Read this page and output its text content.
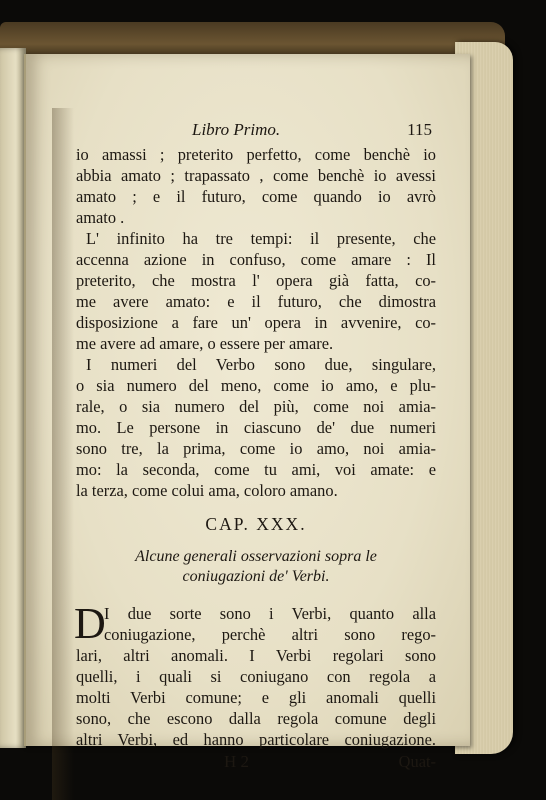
Libro Primo.	115
io amassi ; preterito perfetto, come benchè io
abbia amato ; trapassato , come benchè io avessi
amato ; e il futuro, come quando io avrò
amato .
L' infinito ha tre tempi: il presente, che
accenna azione in confuso, come amare : Il
preterito, che mostra l' opera già fatta, co-
me avere amato: e il futuro, che dimostra
disposizione a fare un' opera in avvenire, co-
me avere ad amare, o essere per amare.
I numeri del Verbo sono due, singulare,
o sia numero del meno, come io amo, e plu-
rale, o sia numero del più, come noi amia-
mo. Le persone in ciascuno de' due numeri
sono tre, la prima, come io amo, noi amia-
mo: la seconda, come tu ami, voi amate: e
la terza, come colui ama, coloro amano.
CAP. XXX.
Alcune generali osservazioni sopra le
coniugazioni de' Verbi.
D
I due sorte sono i Verbi, quanto alla
coniugazione, perchè altri sono rego-
lari, altri anomali. I Verbi regolari sono
quelli, i quali si coniugano con regola a
molti Verbi comune; e gli anomali quelli
sono, che escono dalla regola comune degli
altri Verbi, ed hanno particolare coniugazione.
H 2	Quat-
